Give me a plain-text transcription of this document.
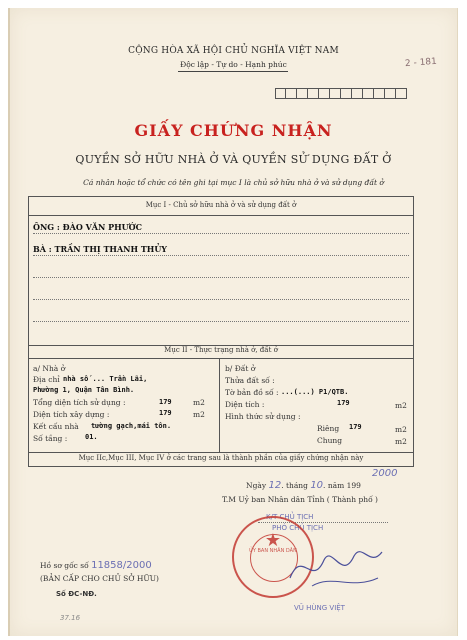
CỘNG HÒA XÃ HỘI CHỦ NGHĨA VIỆT NAM
Độc lập - Tự do - Hạnh phúc	2 - 181
GIẤY CHỨNG NHẬN
QUYỀN SỞ HỮU NHÀ Ở VÀ QUYỀN SỬ DỤNG ĐẤT Ở
Cá nhân hoặc tổ chức có tên ghi tại mục I là chủ sở hữu nhà ở và sử dụng đất ở
Mục I - Chủ sở hữu nhà ở và sử dụng đất ở
ÔNG : ĐÀO VĂN PHƯỚC
BÀ : TRẦN THỊ THANH THỦY
Mục II - Thực trạng nhà ở, đất ở
a/ Nhà ở
Địa chỉ nhà số ... Trần Lãi,
Phường 1, Quận Tân Bình.
Tổng diện tích sử dụng :	179	m2
Diện tích xây dựng :	179	m2
Kết cấu nhà tường gạch,mái tôn.
Số tầng :	01.
b/ Đất ở
Thửa đất số :
Tờ bản đồ số : ...(...) P1/QTB.
Diện tích :	179	m2
Hình thức sử dụng :
Riêng 179	m2
Chung	m2
Mục IIc,Mục III, Mục IV ở các trang sau là thành phần của giấy chứng nhận này
Ngày 12. tháng 10. năm 199
2000
T.M Uỷ ban Nhân dân Tỉnh ( Thành phố )
K/T CHỦ TỊCH
PHÓ CHỦ TỊCH
★
ỦY BAN NHÂN DÂN
VŨ HÙNG VIỆT
Hồ sơ gốc số 11858/2000
(BẢN CẤP CHO CHỦ SỞ HỮU)
Số ĐC-NĐ.
37.16
